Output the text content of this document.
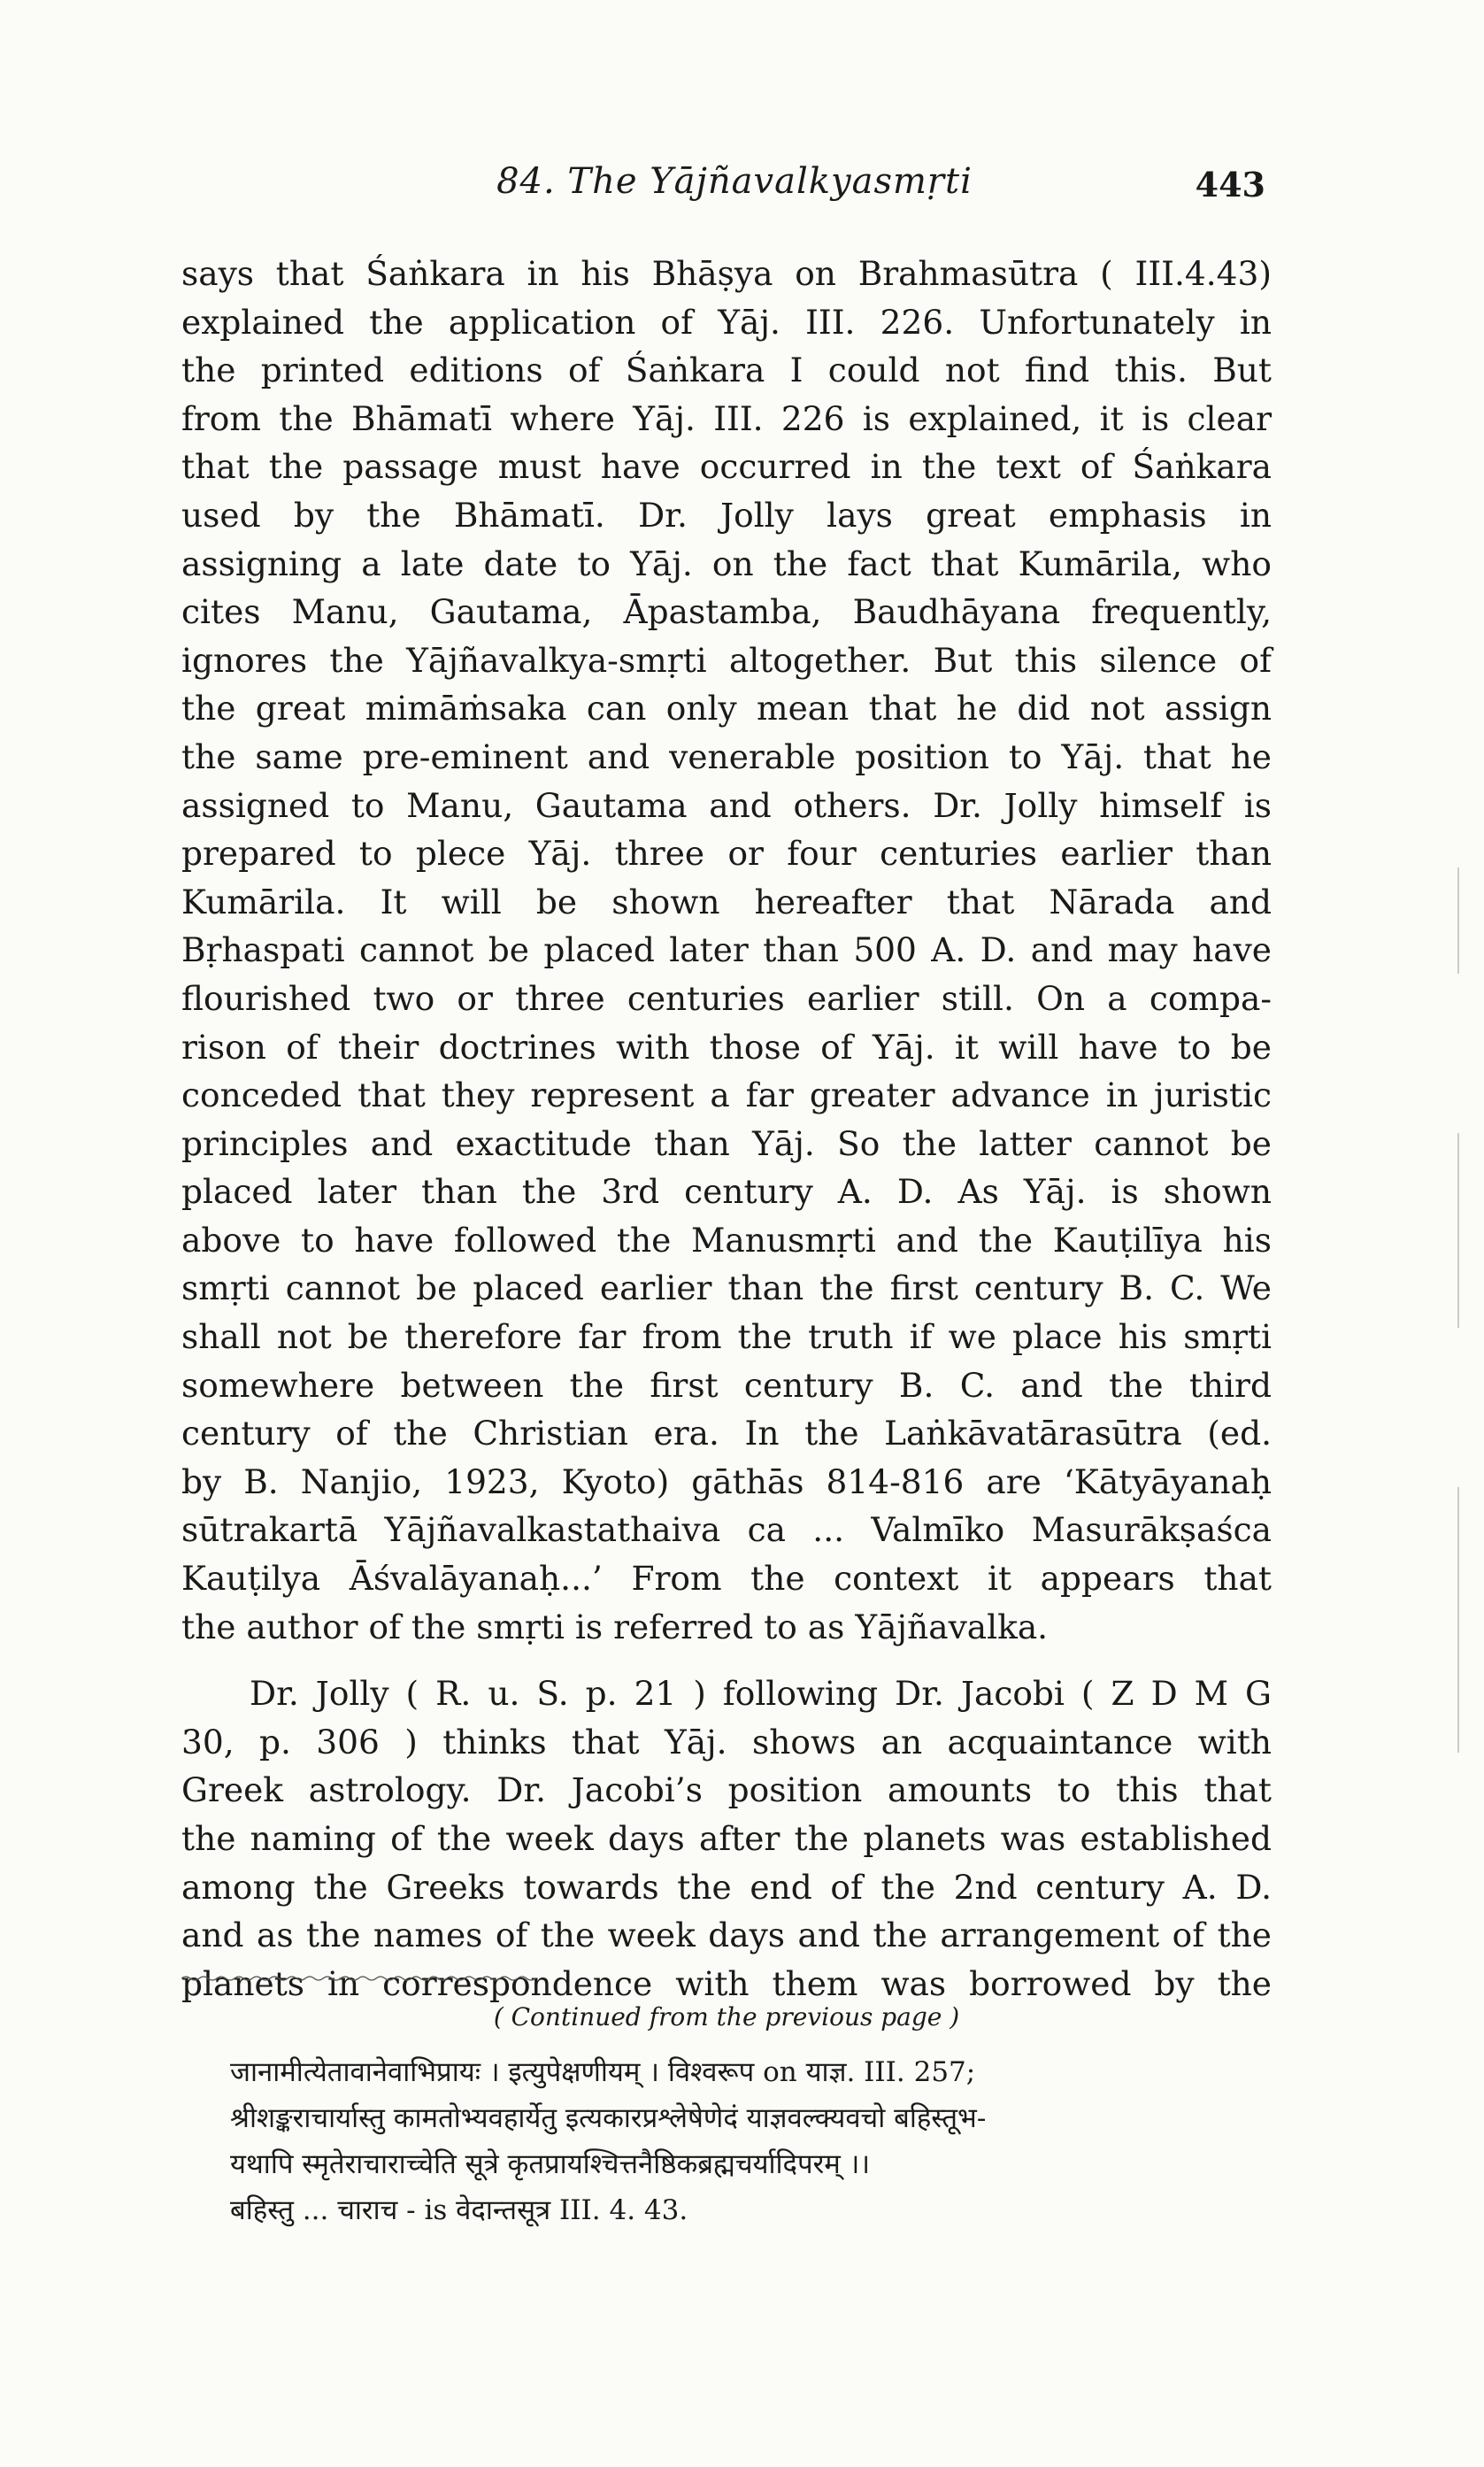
84. The Yājñavalkyasmṛti	443
says that Śaṅkara in his Bhāṣya on Brahmasūtra ( III.4.43)
explained the application of Yāj. III. 226. Unfortunately in
the printed editions of Śaṅkara I could not find this. But
from the Bhāmatī where Yāj. III. 226 is explained, it is clear
that the passage must have occurred in the text of Śaṅkara
used by the Bhāmatī. Dr. Jolly lays great emphasis in
assigning a late date to Yāj. on the fact that Kumārila, who
cites Manu, Gautama, Āpastamba, Baudhāyana frequently,
ignores the Yājñavalkya-smṛti altogether. But this silence of
the great mimāṁsaka can only mean that he did not assign
the same pre-eminent and venerable position to Yāj. that he
assigned to Manu, Gautama and others. Dr. Jolly himself is
prepared to plece Yāj. three or four centuries earlier than
Kumārila. It will be shown hereafter that Nārada and
Bṛhaspati cannot be placed later than 500 A. D. and may have
flourished two or three centuries earlier still. On a compa-
rison of their doctrines with those of Yāj. it will have to be
conceded that they represent a far greater advance in juristic
principles and exactitude than Yāj. So the latter cannot be
placed later than the 3rd century A. D. As Yāj. is shown
above to have followed the Manusmṛti and the Kauṭilīya his
smṛti cannot be placed earlier than the first century B. C. We
shall not be therefore far from the truth if we place his smṛti
somewhere between the first century B. C. and the third
century of the Christian era. In the Laṅkāvatārasūtra (ed.
by B. Nanjio, 1923, Kyoto) gāthās 814-816 are ‘Kātyāyanaḥ
sūtrakartā Yājñavalkastathaiva ca ... Valmīko Masurākṣaśca
Kauṭilya Āśvalāyanaḥ...’ From the context it appears that
the author of the smṛti is referred to as Yājñavalka.
Dr. Jolly ( R. u. S. p. 21 ) following Dr. Jacobi ( Z D M G
30, p. 306 ) thinks that Yāj. shows an acquaintance with
Greek astrology. Dr. Jacobi’s position amounts to this that
the naming of the week days after the planets was established
among the Greeks towards the end of the 2nd century A. D.
and as the names of the week days and the arrangement of the
planets in correspondence with them was borrowed by the
( Continued from the previous page )
जानामीत्येतावानेवाभिप्रायः । इत्युपेक्षणीयम् । विश्वरूप on याज्ञ. III. 257;
श्रीशङ्कराचार्यास्तु कामतोभ्यवहार्येतु इत्यकारप्रश्लेषेणेदं याज्ञवल्क्यवचो बहिस्तूभ-
यथापि स्मृतेराचाराच्चेति सूत्रे कृतप्रायश्चित्तनैष्ठिकब्रह्मचर्यादिपरम् ।।
बहिस्तु ... चाराच - is वेदान्तसूत्र III. 4. 43.
